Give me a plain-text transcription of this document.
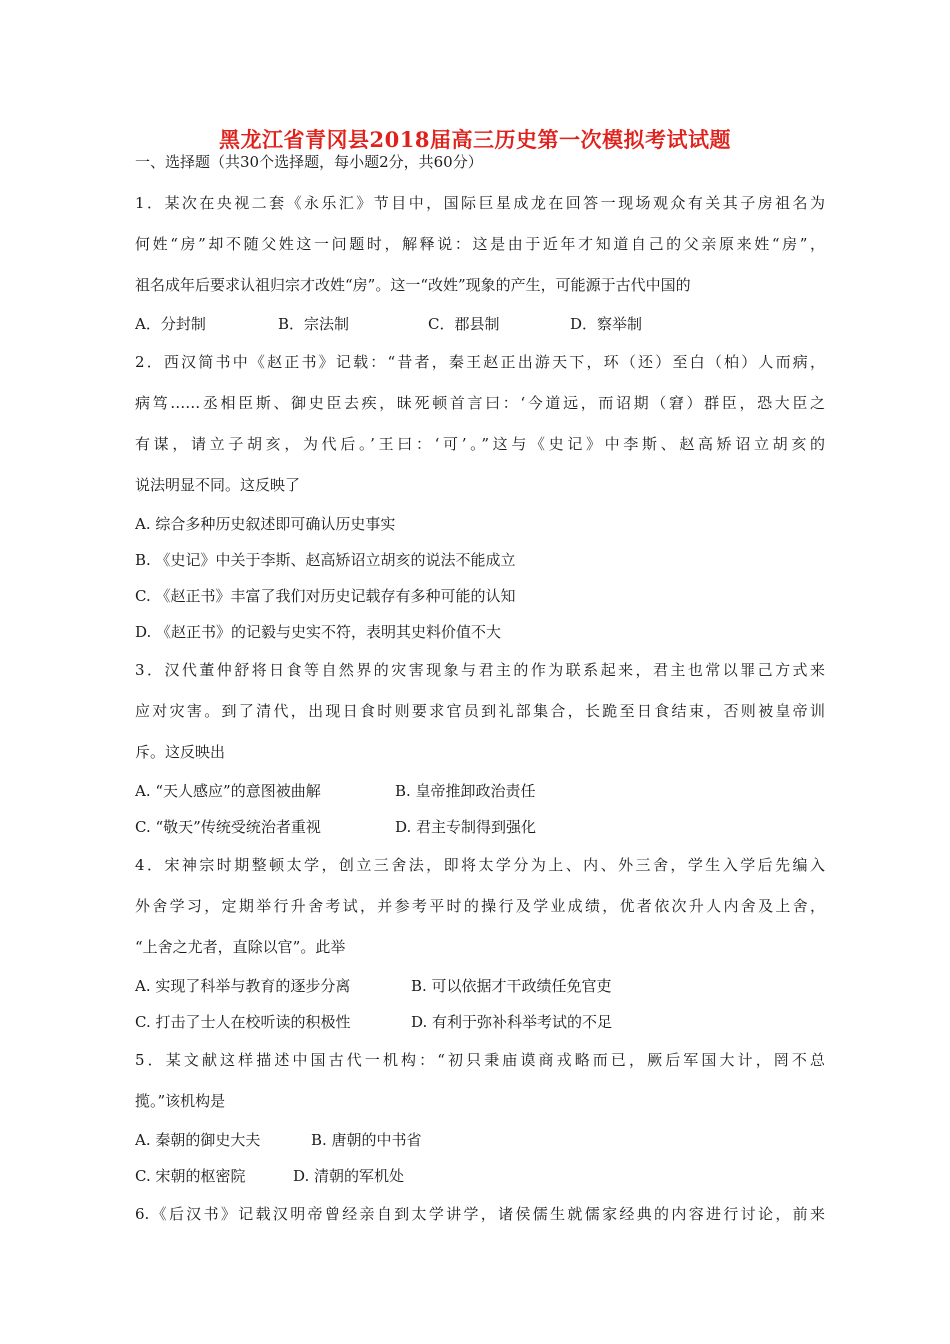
黑龙江省青冈县2018届高三历史第一次模拟考试试题
一、选择题（共30个选择题，每小题2分，共60分）
1．某次在央视二套《永乐汇》节目中，国际巨星成龙在回答一现场观众有关其子房祖名为
何姓“房”却不随父姓这一问题时，解释说：这是由于近年才知道自己的父亲原来姓“房”，
祖名成年后要求认祖归宗才改姓“房”。这一“改姓”现象的产生，可能源于古代中国的
A．分封制	B．宗法制	C．郡县制	D．察举制
2．西汉简书中《赵正书》记载：“昔者，秦王赵正出游天下，环（还）至白（柏）人而病，
病笃……丞相臣斯、御史臣去疾，昧死顿首言曰：‘今道远，而诏期（窘）群臣，恐大臣之
有谋，请立子胡亥，为代后。’王曰：‘可’。”这与《史记》中李斯、赵高矫诏立胡亥的
说法明显不同。这反映了
A. 综合多种历史叙述即可确认历史事实
B. 《史记》中关于李斯、赵高矫诏立胡亥的说法不能成立
C. 《赵正书》丰富了我们对历史记载存有多种可能的认知
D. 《赵正书》的记毅与史实不符，表明其史料价值不大
3．汉代董仲舒将日食等自然界的灾害现象与君主的作为联系起来，君主也常以罪己方式来
应对灾害。到了清代，出现日食时则要求官员到礼部集合，长跪至日食结束，否则被皇帝训
斥。这反映出
A. “天人感应”的意图被曲解	B. 皇帝推卸政治责任
C. “敬天”传统受统治者重视	D. 君主专制得到强化
4．宋神宗时期整顿太学，创立三舍法，即将太学分为上、内、外三舍，学生入学后先编入
外舍学习，定期举行升舍考试，并参考平时的操行及学业成绩，优者依次升人内舍及上舍，
“上舍之尤者，直除以官”。此举
A. 实现了科举与教育的逐步分离	B. 可以依据才干政绩任免官吏
C. 打击了士人在校听读的积极性	D. 有利于弥补科举考试的不足
5．某文献这样描述中国古代一机构：“初只秉庙谟商戎略而已，厥后军国大计，罔不总
揽。”该机构是
A. 秦朝的御史大夫	B. 唐朝的中书省
C. 宋朝的枢密院	D. 清朝的军机处
6.《后汉书》记载汉明帝曾经亲自到太学讲学，诸侯儒生就儒家经典的内容进行讨论，前来
